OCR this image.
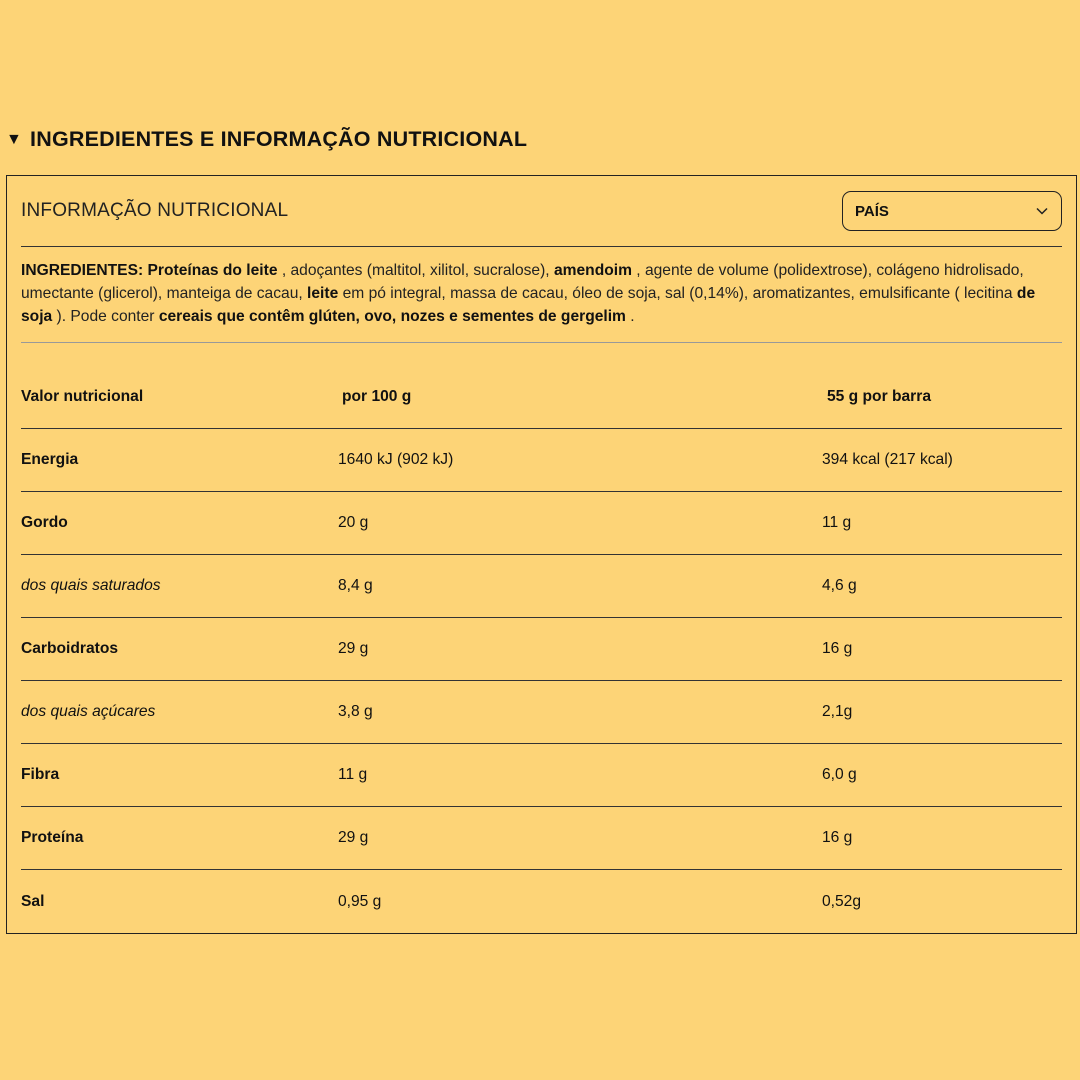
▼ INGREDIENTES E INFORMAÇÃO NUTRICIONAL
INFORMAÇÃO NUTRICIONAL	PAÍS
INGREDIENTES: Proteínas do leite , adoçantes (maltitol, xilitol, sucralose), amendoim , agente de volume (polidextrose), colágeno hidrolisado, umectante (glicerol), manteiga de cacau, leite em pó integral, massa de cacau, óleo de soja, sal (0,14%), aromatizantes, emulsificante ( lecitina de soja ). Pode conter cereais que contêm glúten, ovo, nozes e sementes de gergelim .
Valor nutricional	por 100 g	55 g por barra
Energia	1640 kJ (902 kJ)	394 kcal (217 kcal)
Gordo	20 g	11 g
dos quais saturados	8,4 g	4,6 g
Carboidratos	29 g	16 g
dos quais açúcares	3,8 g	2,1g
Fibra	11 g	6,0 g
Proteína	29 g	16 g
Sal	0,95 g	0,52g
